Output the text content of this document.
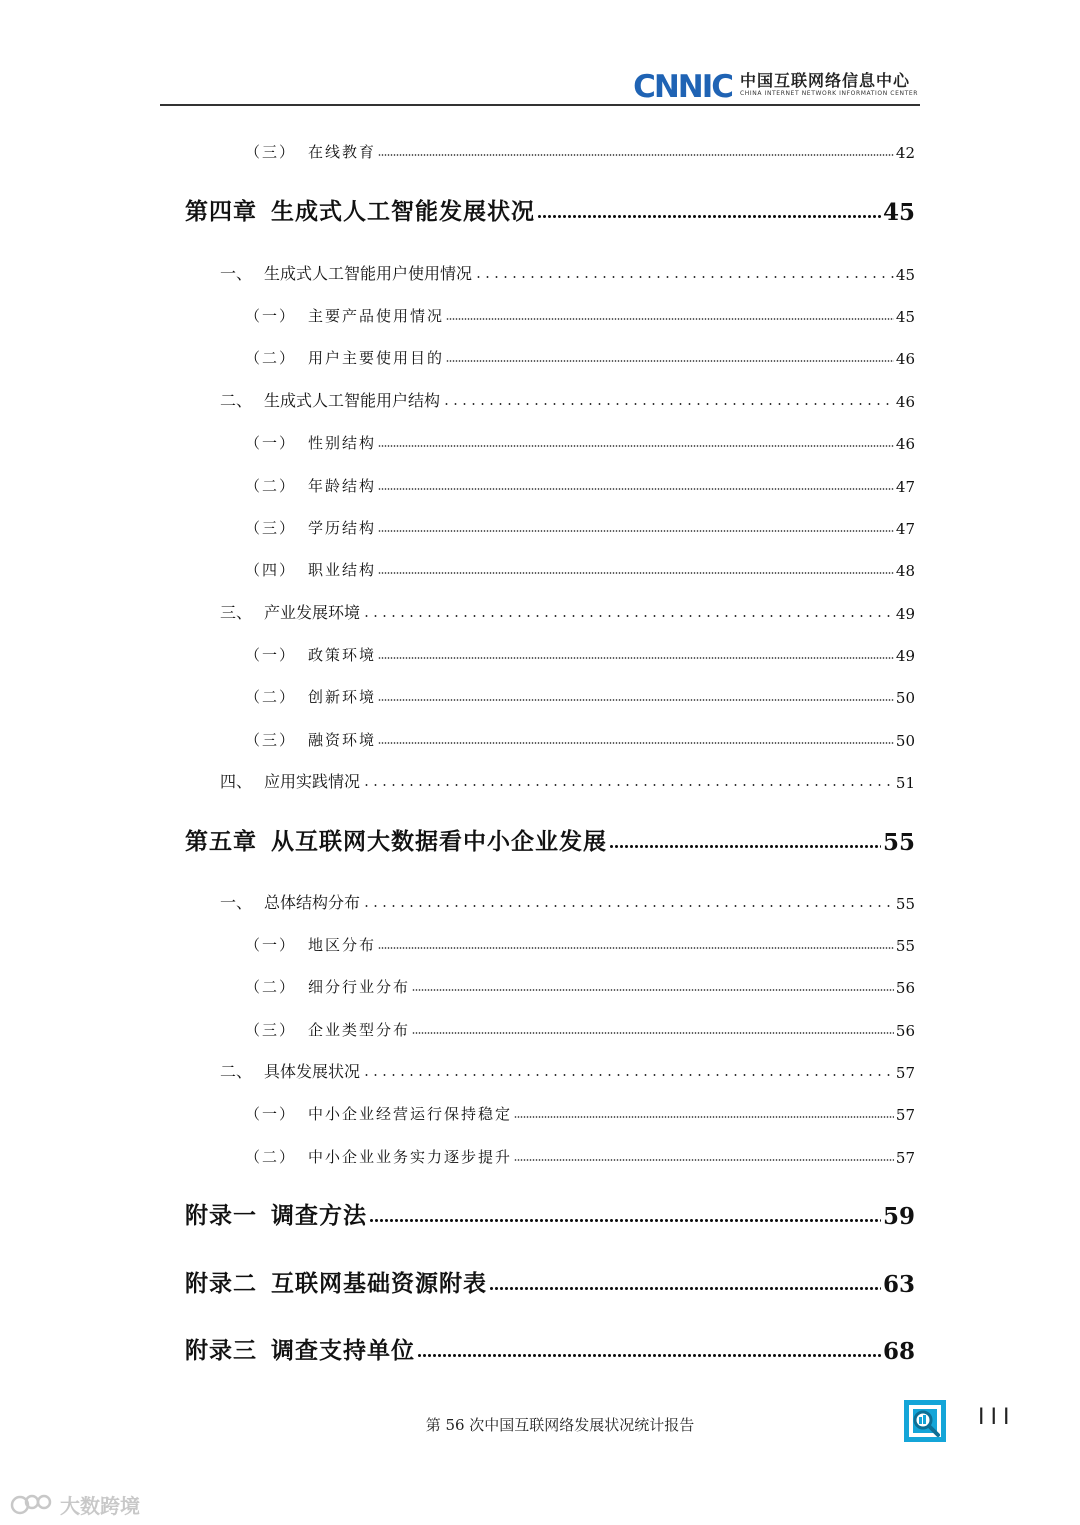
CNNIC 中国互联网络信息中心
CHINA INTERNET NETWORK INFORMATION CENTER
（三） 在线教育	42
第四章 生成式人工智能发展状况	45
一、 生成式人工智能用户使用情况	45
（一） 主要产品使用情况	45
（二） 用户主要使用目的	46
二、 生成式人工智能用户结构	46
（一） 性别结构	46
（二） 年龄结构	47
（三） 学历结构	47
（四） 职业结构	48
三、 产业发展环境	49
（一） 政策环境	49
（二） 创新环境	50
（三） 融资环境	50
四、 应用实践情况	51
第五章 从互联网大数据看中小企业发展	55
一、 总体结构分布	55
（一） 地区分布	55
（二） 细分行业分布	56
（三） 企业类型分布	56
二、 具体发展状况	57
（一） 中小企业经营运行保持稳定	57
（二） 中小企业业务实力逐步提升	57
附录一 调查方法	59
附录二 互联网基础资源附表	63
附录三 调查支持单位	68
第 56 次中国互联网络发展状况统计报告	III
大数跨境
